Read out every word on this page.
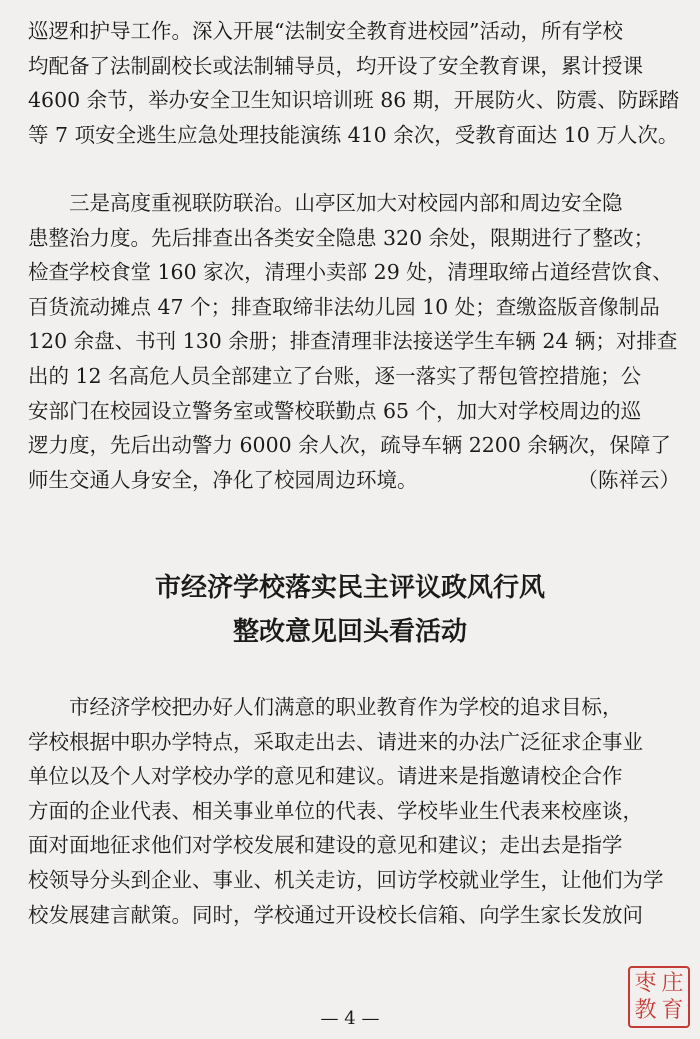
巡逻和护导工作。深入开展“法制安全教育进校园”活动，所有学校
均配备了法制副校长或法制辅导员，均开设了安全教育课，累计授课
4600 余节，举办安全卫生知识培训班 86 期，开展防火、防震、防踩踏
等 7 项安全逃生应急处理技能演练 410 余次，受教育面达 10 万人次。

　　三是高度重视联防联治。山亭区加大对校园内部和周边安全隐
患整治力度。先后排查出各类安全隐患 320 余处，限期进行了整改；
检查学校食堂 160 家次，清理小卖部 29 处，清理取缔占道经营饮食、
百货流动摊点 47 个；排查取缔非法幼儿园 10 处；查缴盗版音像制品
120 余盘、书刊 130 余册；排查清理非法接送学生车辆 24 辆；对排查
出的 12 名高危人员全部建立了台账，逐一落实了帮包管控措施；公
安部门在校园设立警务室或警校联勤点 65 个，加大对学校周边的巡
逻力度，先后出动警力 6000 余人次，疏导车辆 2200 余辆次，保障了
师生交通人身安全，净化了校园周边环境。	（陈祥云）

市经济学校落实民主评议政风行风
整改意见回头看活动

　　市经济学校把办好人们满意的职业教育作为学校的追求目标，
学校根据中职办学特点，采取走出去、请进来的办法广泛征求企事业
单位以及个人对学校办学的意见和建议。请进来是指邀请校企合作
方面的企业代表、相关事业单位的代表、学校毕业生代表来校座谈，
面对面地征求他们对学校发展和建设的意见和建议；走出去是指学
校领导分头到企业、事业、机关走访，回访学校就业学生，让他们为学
校发展建言献策。同时，学校通过开设校长信箱、向学生家长发放问

— 4 —
枣 庄
教 育
